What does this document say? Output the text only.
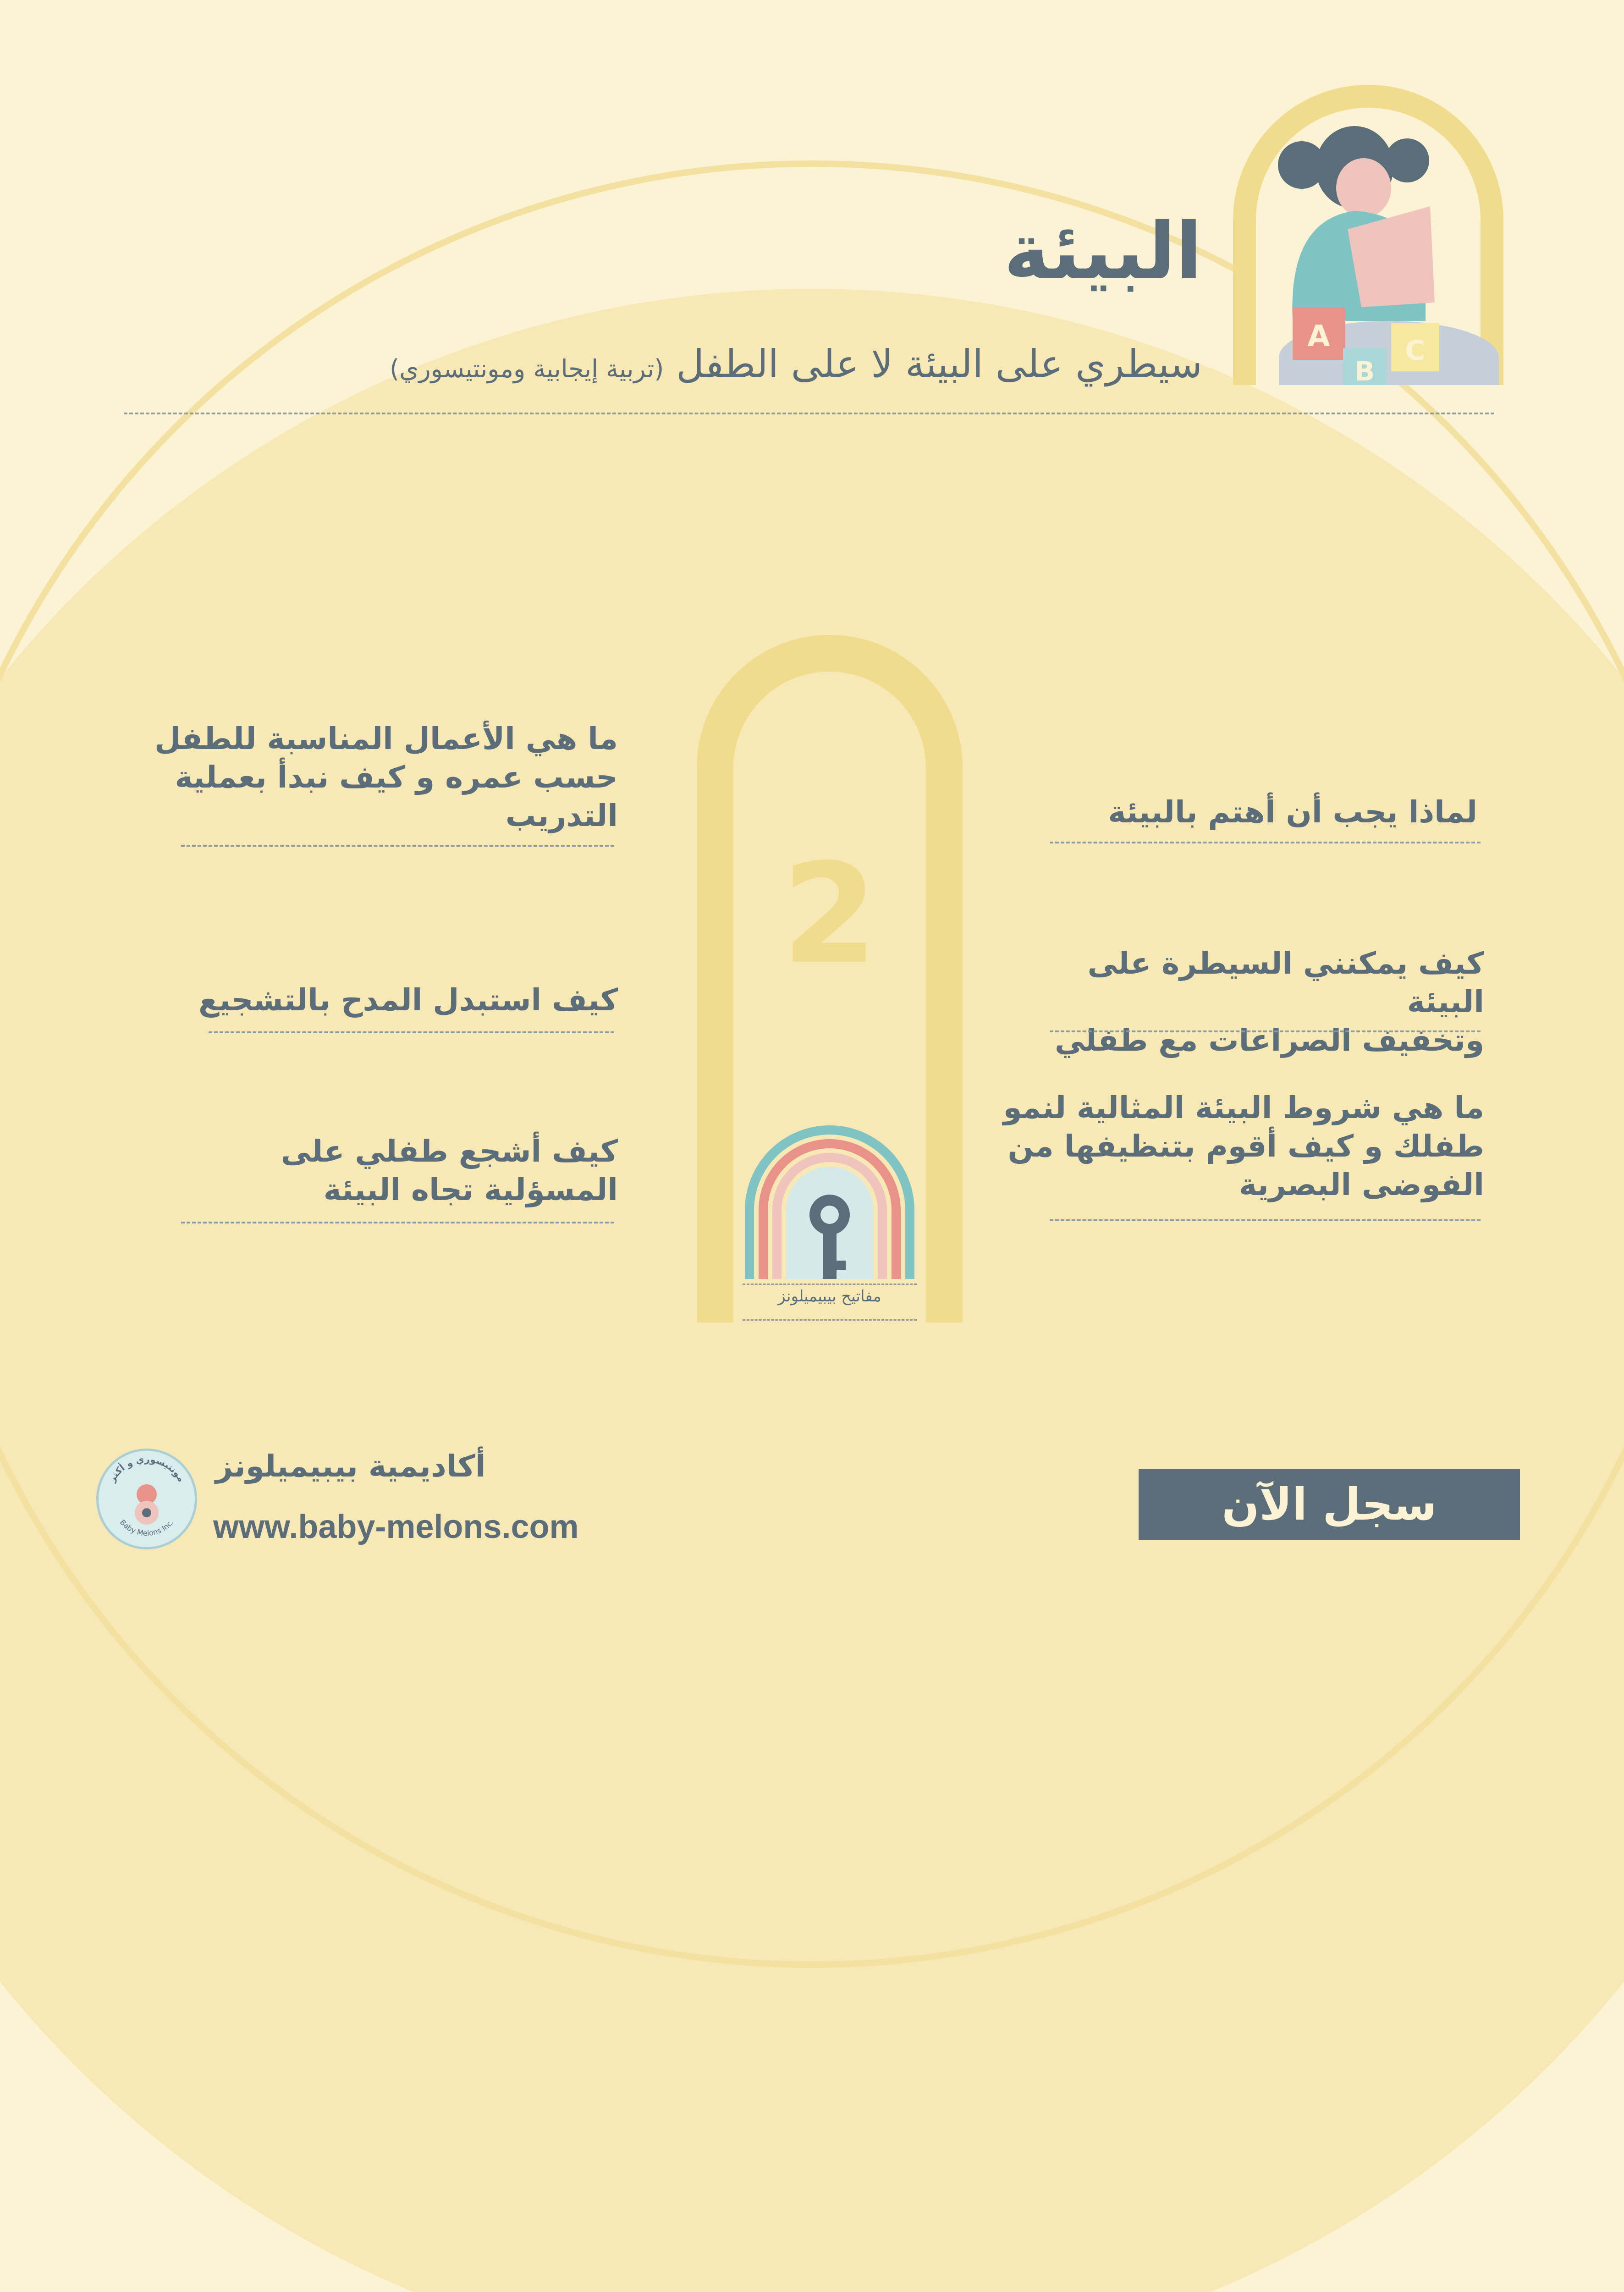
A
B
C
البيئة
سيطري على البيئة لا على الطفل (تربية إيجابية ومونتيسوري)
2
مفاتيح بيبيميلونز
لماذا يجب أن أهتم بالبيئة
كيف يمكنني السيطرة على البيئة
وتخفيف الصراعات مع طفلي
ما هي شروط البيئة المثالية لنمو
طفلك و كيف أقوم بتنظيفها من
الفوضى البصرية
ما هي الأعمال المناسبة للطفل
حسب عمره و كيف نبدأ بعملية
التدريب
كيف استبدل المدح بالتشجيع
كيف أشجع طفلي على
المسؤلية تجاه البيئة
مونتيسوري و أكثر
Baby Melons Inc.
أكاديمية بيبيميلونز
www.baby-melons.com	سجل الآن
